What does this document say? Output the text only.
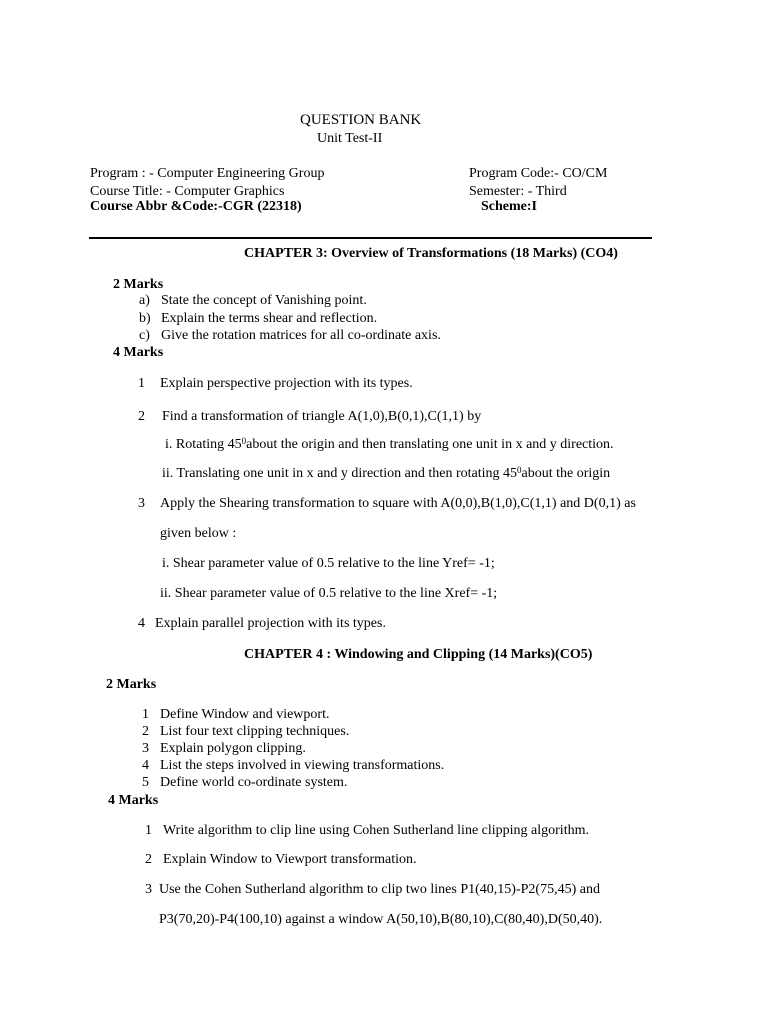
QUESTION BANK
Unit Test-II
Program : - Computer Engineering Group	Program Code:- CO/CM
Course Title: - Computer Graphics	Semester: - Third
Course Abbr &Code:-CGR (22318)	Scheme:I
CHAPTER 3: Overview of Transformations (18 Marks) (CO4)
2 Marks
a) State the concept of Vanishing point.
b) Explain the terms shear and reflection.
c) Give the rotation matrices for all co-ordinate axis.
4 Marks
1 Explain perspective projection with its types.
2 Find a transformation of triangle A(1,0),B(0,1),C(1,1) by
i. Rotating $45^0about$ the origin and then translating one unit in x and y direction.
ii. Translating one unit in x and y direction and then rotating $45^0about$ the origin
3 Apply the Shearing transformation to square with A(0,0),B(1,0),C(1,1) and D(0,1) as
given below :
i. Shear parameter value of 0.5 relative to the line Yref= -1;
ii. Shear parameter value of 0.5 relative to the line Xref= -1;
4 Explain parallel projection with its types.
CHAPTER 4 : Windowing and Clipping (14 Marks)(CO5)
2 Marks
1 Define Window and viewport.
2 List four text clipping techniques.
3 Explain polygon clipping.
4 List the steps involved in viewing transformations.
5 Define world co-ordinate system.
4 Marks
1 Write algorithm to clip line using Cohen Sutherland line clipping algorithm.
2 Explain Window to Viewport transformation.
3 Use the Cohen Sutherland algorithm to clip two lines P1(40,15)-P2(75,45) and
P3(70,20)-P4(100,10) against a window A(50,10),B(80,10),C(80,40),D(50,40).
